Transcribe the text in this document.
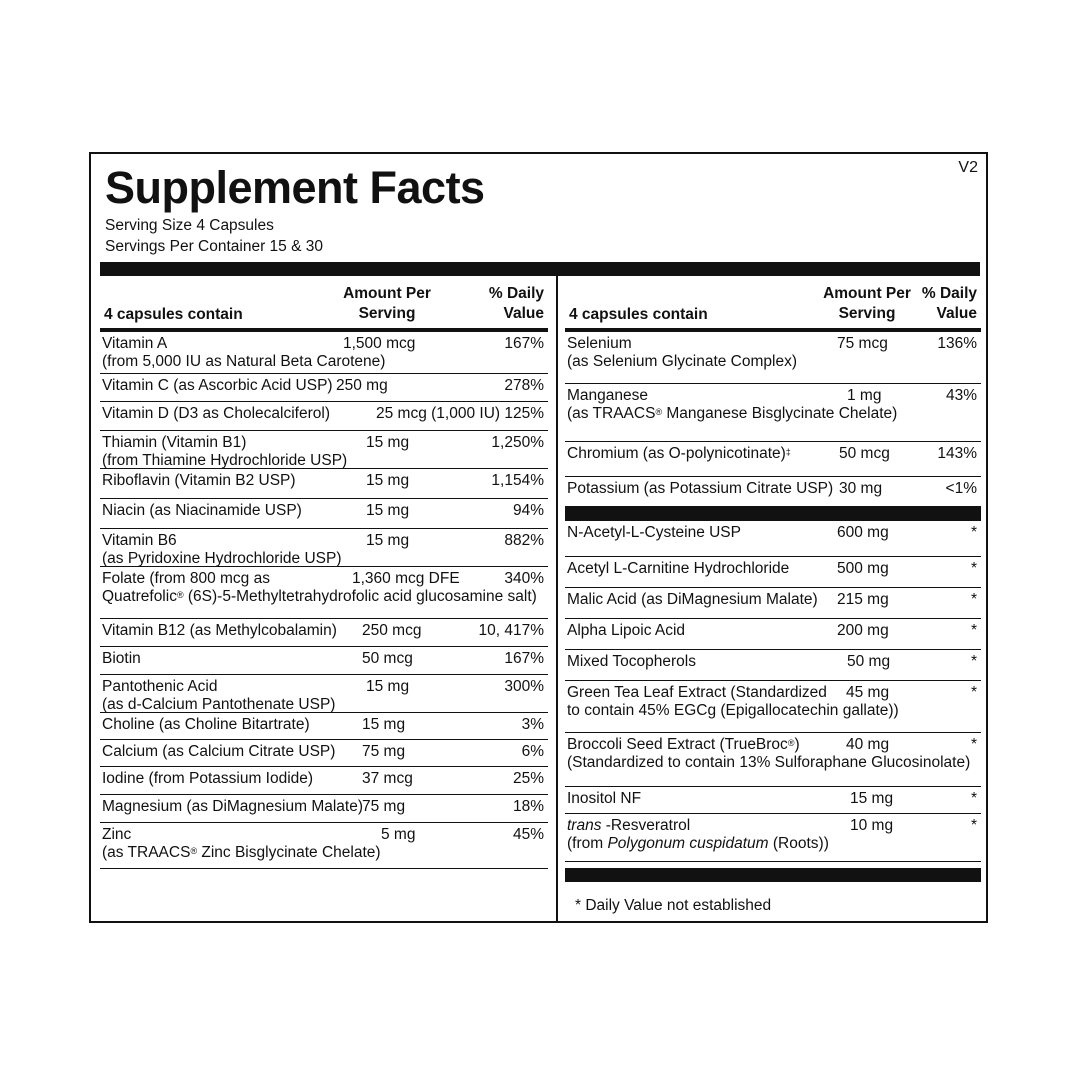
Supplement Facts	V2
Serving Size 4 Capsules
Servings Per Container 15 & 30
4 capsules contain
Amount Per
Serving
% Daily
Value
Vitamin A
(from 5,000 IU as Natural Beta Carotene)
1,500 mcg	167%
Vitamin C (as Ascorbic Acid USP) 250 mg	278%
Vitamin D (D3 as Cholecalciferol)	25 mcg (1,000 IU) 125%
Thiamin (Vitamin B1)
(from Thiamine Hydrochloride USP)
15 mg	1,250%
Riboflavin (Vitamin B2 USP)	15 mg	1,154%
Niacin (as Niacinamide USP)	15 mg	94%
Vitamin B6
(as Pyridoxine Hydrochloride USP)
15 mg	882%
Folate (from 800 mcg as
Quatrefolic® (6S)-5-Methyltetrahydrofolic acid glucosamine salt)
1,360 mcg DFE	340%
Vitamin B12 (as Methylcobalamin) 250 mcg	10, 417%
Biotin	50 mcg	167%
Pantothenic Acid
(as d-Calcium Pantothenate USP)
15 mg	300%
Choline (as Choline Bitartrate)	15 mg	3%
Calcium (as Calcium Citrate USP) 75 mg	6%
Iodine (from Potassium Iodide)	37 mcg	25%
Magnesium (as DiMagnesium Malate)
75 mg	18%
Zinc
(as TRAACS® Zinc Bisglycinate Chelate)
5 mg	45%
4 capsules contain
Amount Per
Serving
% Daily
Value
Selenium
(as Selenium Glycinate Complex)
75 mcg	136%
Manganese
(as TRAACS® Manganese Bisglycinate Chelate)
1 mg	43%
Chromium (as O-polynicotinate)‡	50 mcg	143%
Potassium (as Potassium Citrate USP) 30 mg	<1%
N-Acetyl-L-Cysteine USP	600 mg	*
Acetyl L-Carnitine Hydrochloride	500 mg	*
Malic Acid (as DiMagnesium Malate) 215 mg	*
Alpha Lipoic Acid	200 mg	*
Mixed Tocopherols	50 mg	*
Green Tea Leaf Extract (Standardized
to contain 45% EGCg (Epigallocatechin gallate))
45 mg	*
Broccoli Seed Extract (TrueBroc®)
(Standardized to contain 13% Sulforaphane Glucosinolate)
40 mg	*
Inositol NF	15 mg	*
trans -Resveratrol
(from Polygonum cuspidatum (Roots))
10 mg	*
* Daily Value not established
